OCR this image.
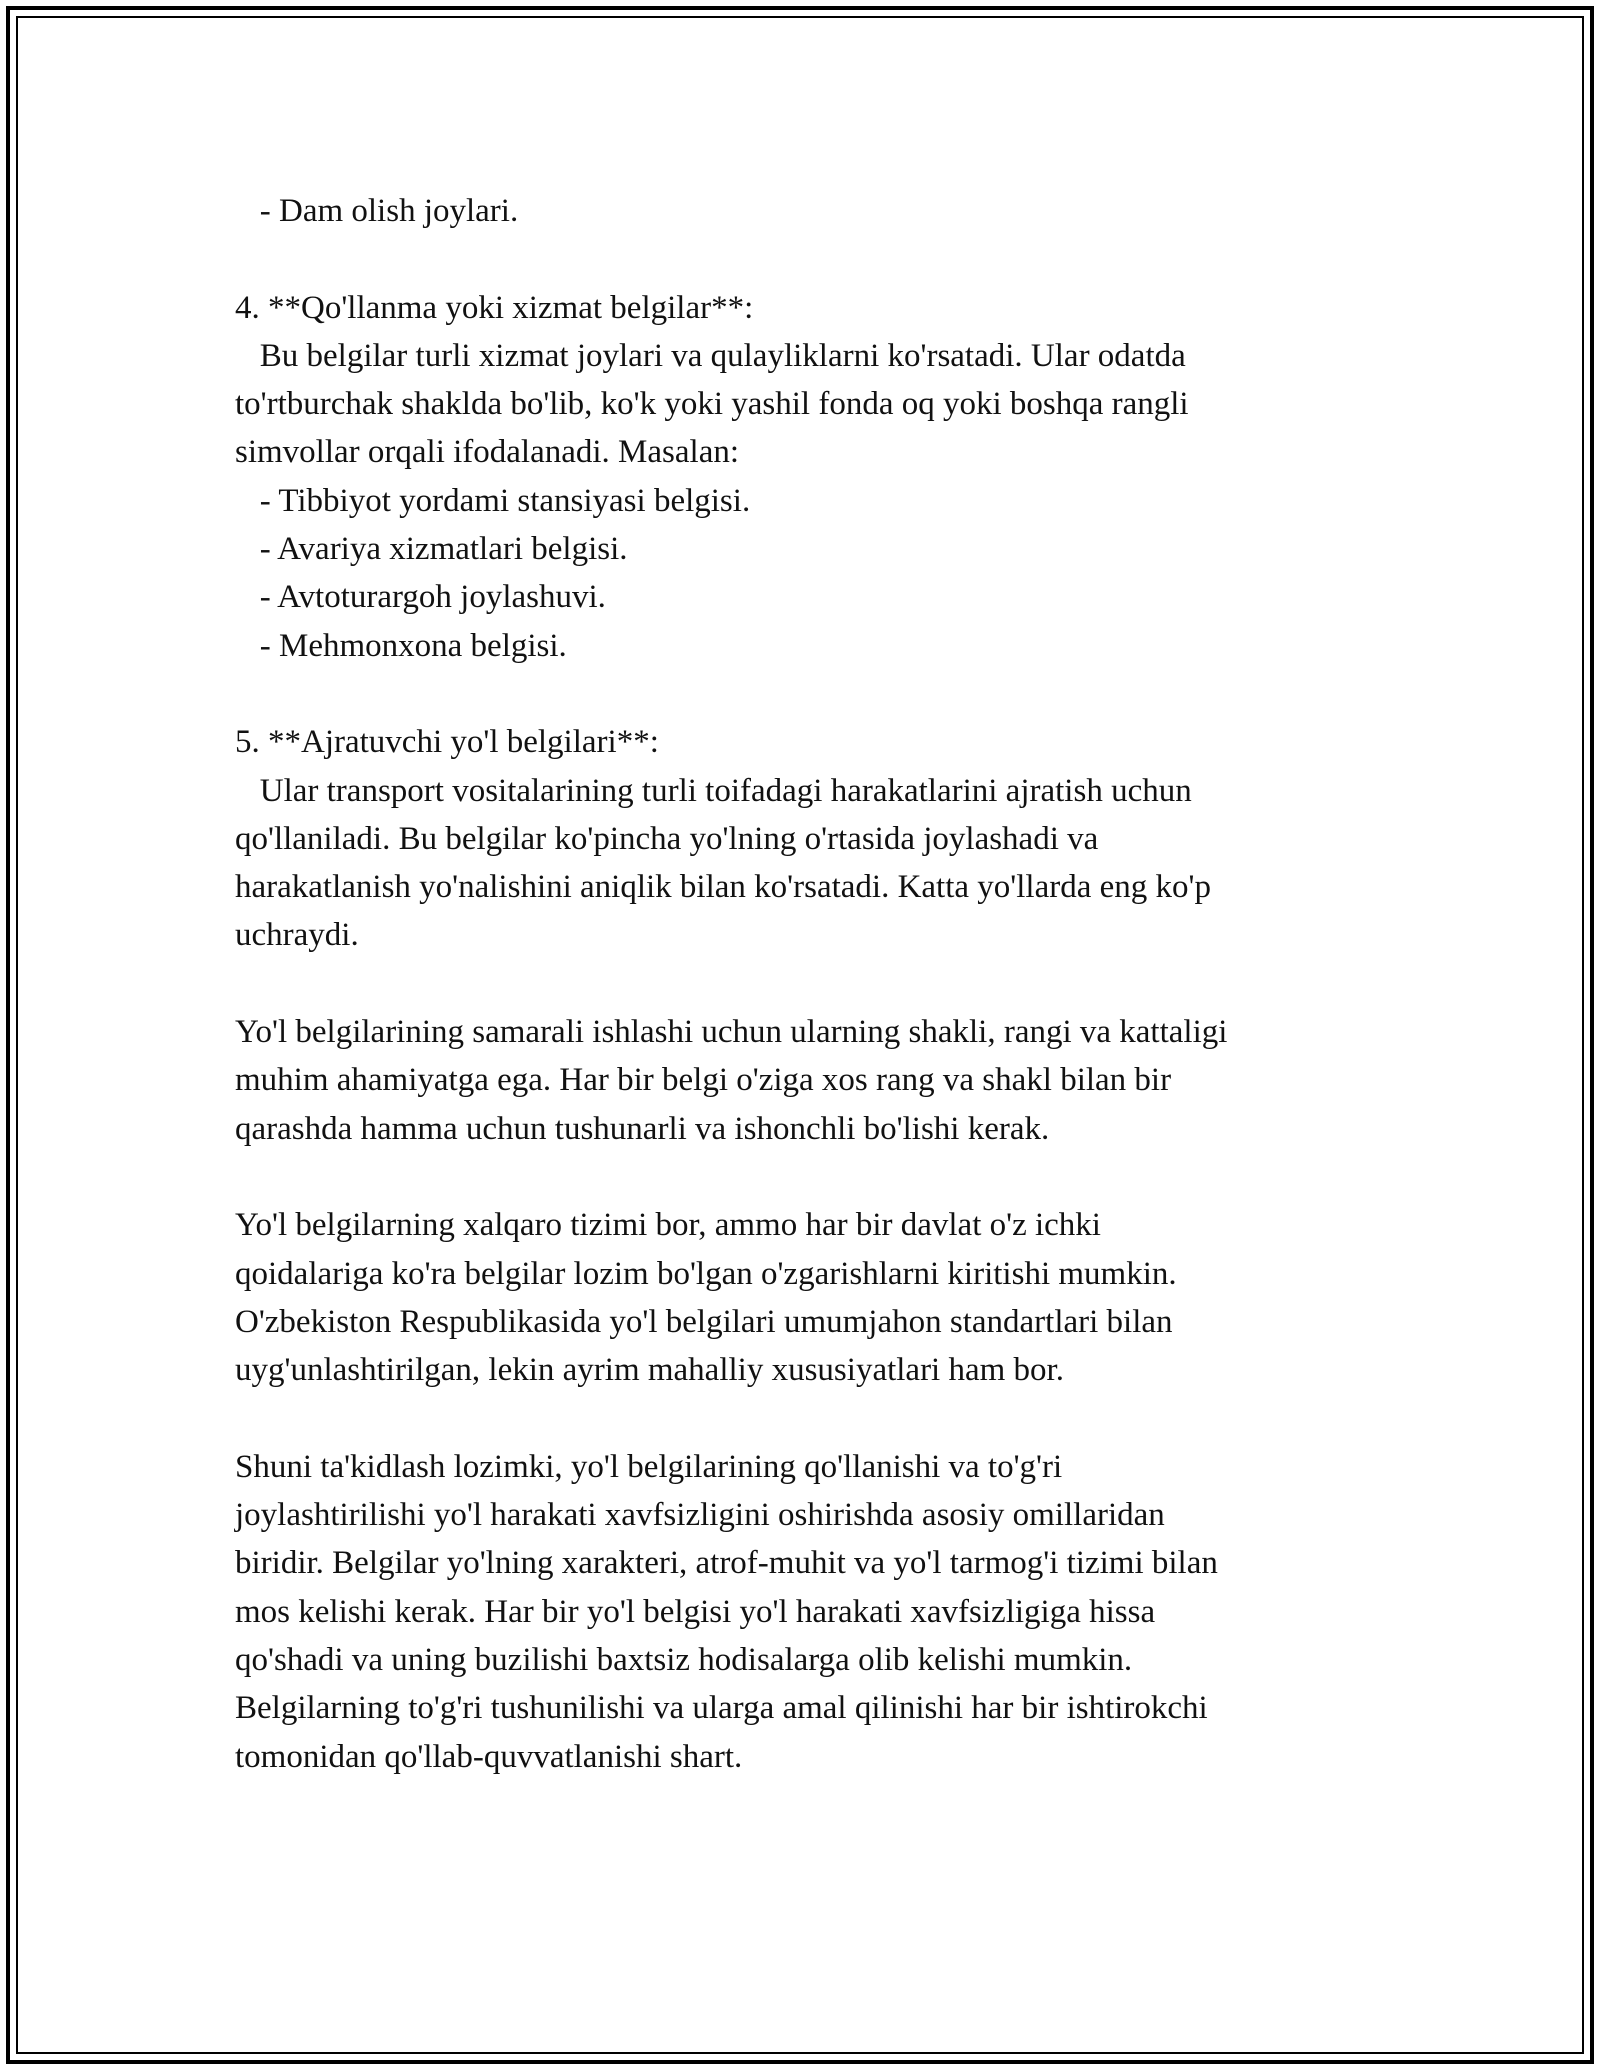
- Dam olish joylari.
4. **Qo'llanma yoki xizmat belgilar**:
Bu belgilar turli xizmat joylari va qulayliklarni ko'rsatadi. Ular odatda
to'rtburchak shaklda bo'lib, ko'k yoki yashil fonda oq yoki boshqa rangli
simvollar orqali ifodalanadi. Masalan:
- Tibbiyot yordami stansiyasi belgisi.
- Avariya xizmatlari belgisi.
- Avtoturargoh joylashuvi.
- Mehmonxona belgisi.
5. **Ajratuvchi yo'l belgilari**:
Ular transport vositalarining turli toifadagi harakatlarini ajratish uchun
qo'llaniladi. Bu belgilar ko'pincha yo'lning o'rtasida joylashadi va
harakatlanish yo'nalishini aniqlik bilan ko'rsatadi. Katta yo'llarda eng ko'p
uchraydi.
Yo'l belgilarining samarali ishlashi uchun ularning shakli, rangi va kattaligi
muhim ahamiyatga ega. Har bir belgi o'ziga xos rang va shakl bilan bir
qarashda hamma uchun tushunarli va ishonchli bo'lishi kerak.
Yo'l belgilarning xalqaro tizimi bor, ammo har bir davlat o'z ichki
qoidalariga ko'ra belgilar lozim bo'lgan o'zgarishlarni kiritishi mumkin.
O'zbekiston Respublikasida yo'l belgilari umumjahon standartlari bilan
uyg'unlashtirilgan, lekin ayrim mahalliy xususiyatlari ham bor.
Shuni ta'kidlash lozimki, yo'l belgilarining qo'llanishi va to'g'ri
joylashtirilishi yo'l harakati xavfsizligini oshirishda asosiy omillaridan
biridir. Belgilar yo'lning xarakteri, atrof-muhit va yo'l tarmog'i tizimi bilan
mos kelishi kerak. Har bir yo'l belgisi yo'l harakati xavfsizligiga hissa
qo'shadi va uning buzilishi baxtsiz hodisalarga olib kelishi mumkin.
Belgilarning to'g'ri tushunilishi va ularga amal qilinishi har bir ishtirokchi
tomonidan qo'llab-quvvatlanishi shart.
